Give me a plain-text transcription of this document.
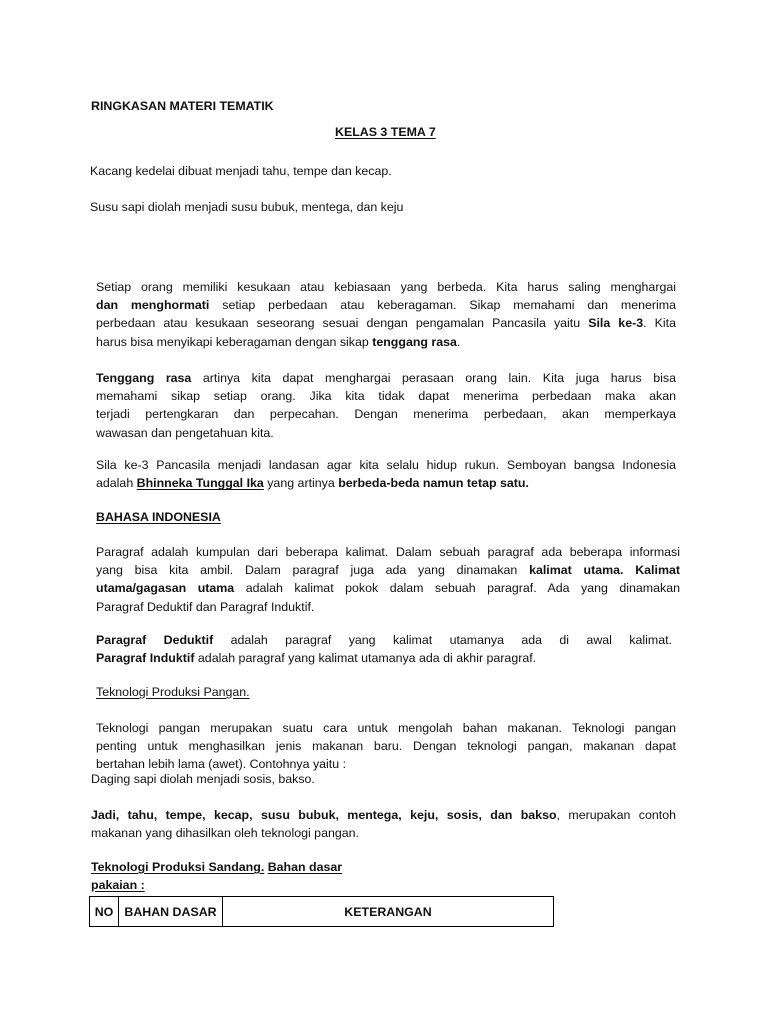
RINGKASAN MATERI TEMATIK
KELAS 3 TEMA 7
Kacang kedelai dibuat menjadi tahu, tempe dan kecap.
Susu sapi diolah menjadi susu bubuk, mentega, dan keju
Setiap orang memiliki kesukaan atau kebiasaan yang berbeda. Kita harus saling menghargai
dan menghormati setiap perbedaan atau keberagaman. Sikap memahami dan menerima
perbedaan atau kesukaan seseorang sesuai dengan pengamalan Pancasila yaitu Sila ke-3. Kita
harus bisa menyikapi keberagaman dengan sikap tenggang rasa.
Tenggang rasa artinya kita dapat menghargai perasaan orang lain. Kita juga harus bisa
memahami sikap setiap orang. Jika kita tidak dapat menerima perbedaan maka akan
terjadi pertengkaran dan perpecahan. Dengan menerima perbedaan, akan memperkaya
wawasan dan pengetahuan kita.
Sila ke-3 Pancasila menjadi landasan agar kita selalu hidup rukun. Semboyan bangsa Indonesia
adalah Bhinneka Tunggal Ika yang artinya berbeda-beda namun tetap satu.
BAHASA INDONESIA
Paragraf adalah kumpulan dari beberapa kalimat. Dalam sebuah paragraf ada beberapa informasi
yang bisa kita ambil. Dalam paragraf juga ada yang dinamakan kalimat utama. Kalimat
utama/gagasan utama adalah kalimat pokok dalam sebuah paragraf. Ada yang dinamakan
Paragraf Deduktif dan Paragraf Induktif.
Paragraf Deduktif adalah paragraf yang kalimat utamanya ada di awal kalimat.
Paragraf Induktif adalah paragraf yang kalimat utamanya ada di akhir paragraf.
Teknologi Produksi Pangan.
Teknologi pangan merupakan suatu cara untuk mengolah bahan makanan. Teknologi pangan
penting untuk menghasilkan jenis makanan baru. Dengan teknologi pangan, makanan dapat
bertahan lebih lama (awet). Contohnya yaitu :
Daging sapi diolah menjadi sosis, bakso.
Jadi, tahu, tempe, kecap, susu bubuk, mentega, keju, sosis, dan bakso, merupakan contoh
makanan yang dihasilkan oleh teknologi pangan.
Teknologi Produksi Sandang. Bahan dasar
pakaian :
NO	BAHAN DASAR	KETERANGAN
